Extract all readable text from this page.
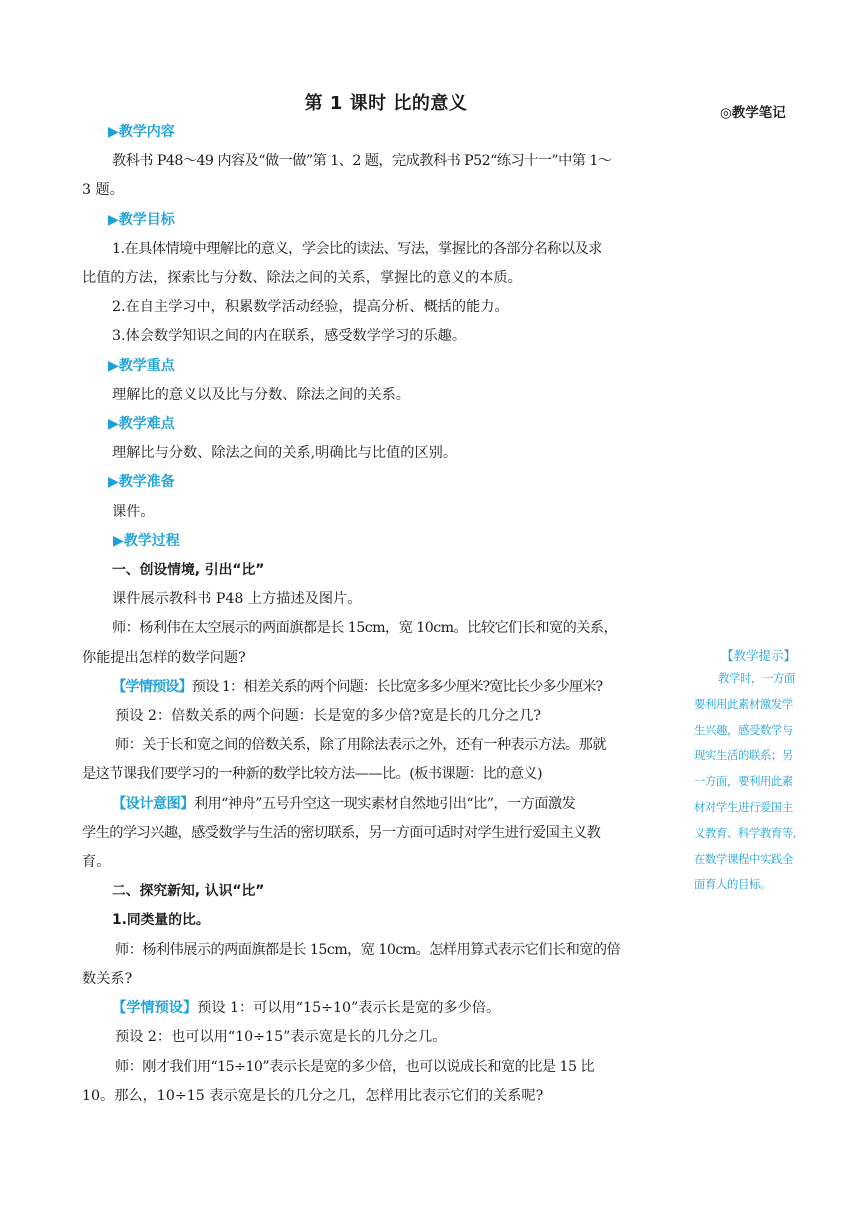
第 1 课时 比的意义	◎教学笔记
▶教学内容
教科书 P48～49 内容及“做一做”第 1、2 题，完成教科书 P52“练习十一”中第 1～
3 题。
▶教学目标
1.在具体情境中理解比的意义，学会比的读法、写法，掌握比的各部分名称以及求
比值的方法，探索比与分数、除法之间的关系，掌握比的意义的本质。
2.在自主学习中，积累数学活动经验，提高分析、概括的能力。
3.体会数学知识之间的内在联系，感受数学学习的乐趣。
▶教学重点
理解比的意义以及比与分数、除法之间的关系。
▶教学难点
理解比与分数、除法之间的关系,明确比与比值的区别。
▶教学准备
课件。
▶教学过程
一、创设情境, 引出“比”
课件展示教科书 P48 上方描述及图片。
师：杨利伟在太空展示的两面旗都是长 15cm，宽 10cm。比较它们长和宽的关系，
你能提出怎样的数学问题?
【学情预设】预设 1：相差关系的两个问题：长比宽多多少厘米?宽比长少多少厘米?
预设 2：倍数关系的两个问题：长是宽的多少倍?宽是长的几分之几?
师：关于长和宽之间的倍数关系，除了用除法表示之外，还有一种表示方法。那就
是这节课我们要学习的一种新的数学比较方法——比。(板书课题：比的意义)
【设计意图】利用“神舟”五号升空这一现实素材自然地引出“比”，一方面激发
学生的学习兴趣，感受数学与生活的密切联系，另一方面可适时对学生进行爱国主义教
育。
二、探究新知, 认识“比”
1.同类量的比。
师：杨利伟展示的两面旗都是长 15cm，宽 10cm。怎样用算式表示它们长和宽的倍
数关系?
【学情预设】预设 1：可以用“15÷10”表示长是宽的多少倍。
预设 2：也可以用“10÷15”表示宽是长的几分之几。
师：刚才我们用“15÷10”表示长是宽的多少倍，也可以说成长和宽的比是 15 比
10。那么，10÷15 表示宽是长的几分之几，怎样用比表示它们的关系呢?
【教学提示】
教学时，一方面
要利用此素材激发学
生兴趣，感受数学与
现实生活的联系；另
一方面，要利用此素
材对学生进行爱国主
义教育、科学教育等,
在数学课程中实践全
面育人的目标。
